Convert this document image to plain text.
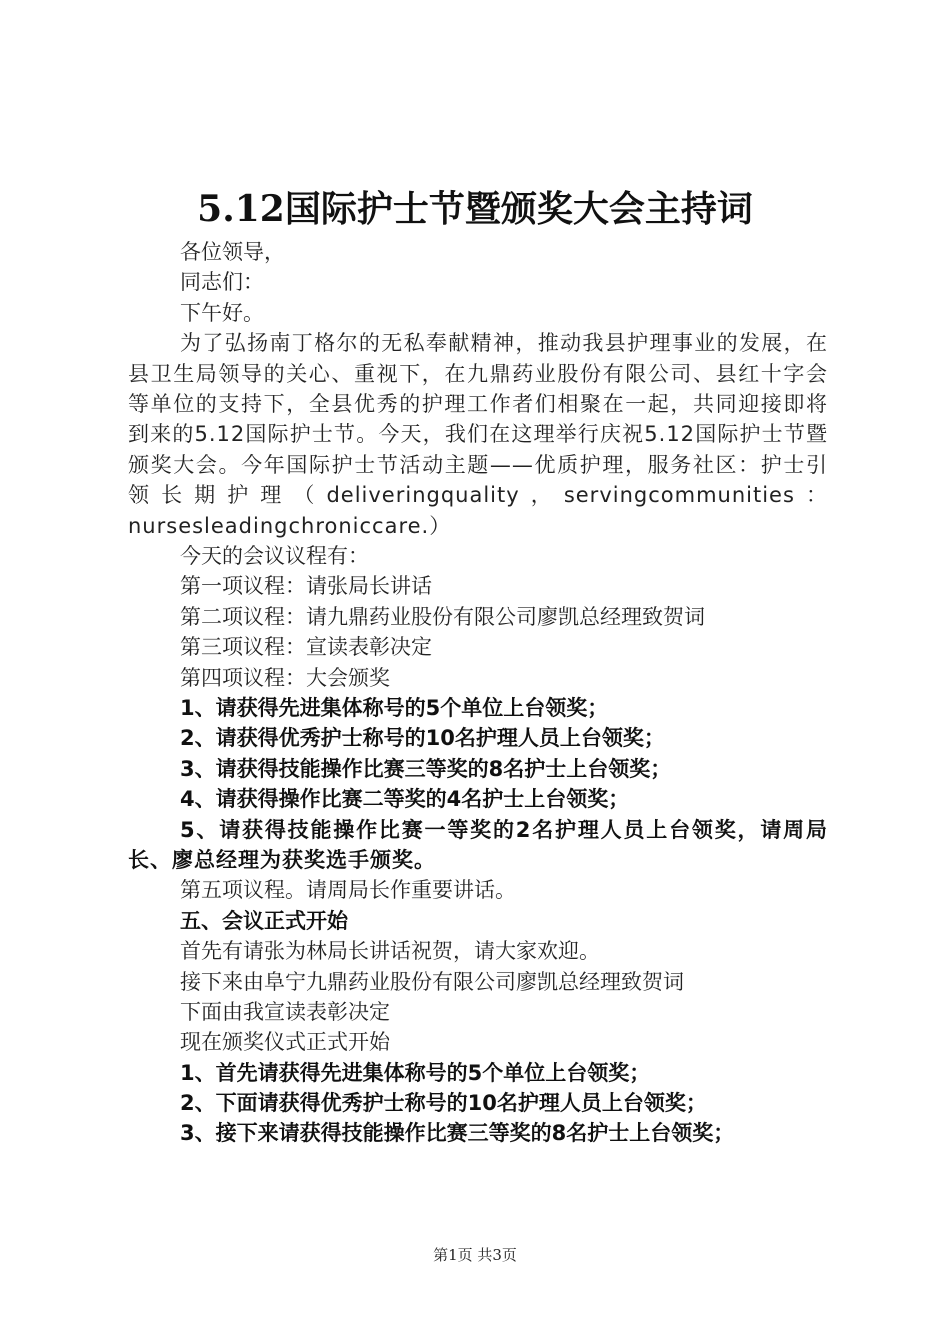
5.12国际护士节暨颁奖大会主持词
各位领导，
同志们：
下午好。
为了弘扬南丁格尔的无私奉献精神，推动我县护理事业的发展，在县卫生局领导的关心、重视下，在九鼎药业股份有限公司、县红十字会等单位的支持下，全县优秀的护理工作者们相聚在一起，共同迎接即将到来的5.12国际护士节。今天，我们在这理举行庆祝5.12国际护士节暨颁奖大会。今年国际护士节活动主题——优质护理，服务社区：护士引领长期护理（deliveringquality，servingcommunities：nursesleadingchroniccare.）
今天的会议议程有：
第一项议程：请张局长讲话
第二项议程：请九鼎药业股份有限公司廖凯总经理致贺词
第三项议程：宣读表彰决定
第四项议程：大会颁奖
1、请获得先进集体称号的5个单位上台领奖；
2、请获得优秀护士称号的10名护理人员上台领奖；
3、请获得技能操作比赛三等奖的8名护士上台领奖；
4、请获得操作比赛二等奖的4名护士上台领奖；
5、请获得技能操作比赛一等奖的2名护理人员上台领奖，请周局长、廖总经理为获奖选手颁奖。
第五项议程。请周局长作重要讲话。
五、会议正式开始
首先有请张为林局长讲话祝贺，请大家欢迎。
接下来由阜宁九鼎药业股份有限公司廖凯总经理致贺词
下面由我宣读表彰决定
现在颁奖仪式正式开始
1、首先请获得先进集体称号的5个单位上台领奖；
2、下面请获得优秀护士称号的10名护理人员上台领奖；
3、接下来请获得技能操作比赛三等奖的8名护士上台领奖；
第1页 共3页
